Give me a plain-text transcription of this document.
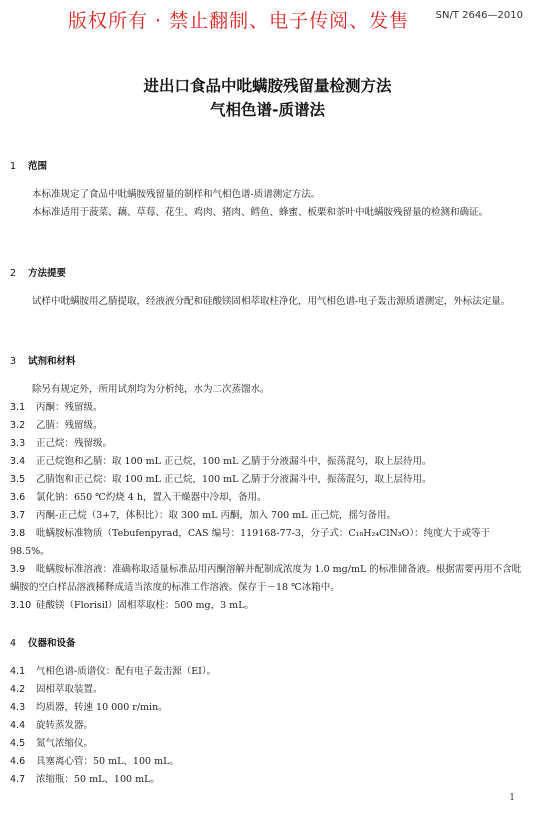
版权所有 · 禁止翻制、电子传阅、发售	SN/T 2646—2010
进出口食品中吡螨胺残留量检测方法
气相色谱-质谱法
1 范围
本标准规定了食品中吡螨胺残留量的制样和气相色谱-质谱测定方法。
本标准适用于菠菜、藕、草莓、花生、鸡肉、猪肉、鳕鱼、蜂蜜、板栗和茶叶中吡螨胺残留量的检测和确证。
2 方法提要
试样中吡螨胺用乙腈提取，经液液分配和硅酸镁固相萃取柱净化，用气相色谱-电子轰击源质谱测定，外标法定量。
3 试剂和材料
除另有规定外，所用试剂均为分析纯，水为二次蒸馏水。
3.1 丙酮：残留级。
3.2 乙腈：残留级。
3.3 正己烷：残留级。
3.4 正己烷饱和乙腈：取 100 mL 正己烷，100 mL 乙腈于分液漏斗中，振荡混匀，取上层待用。
3.5 乙腈饱和正己烷：取 100 mL 正己烷，100 mL 乙腈于分液漏斗中，振荡混匀，取上层待用。
3.6 氯化钠：650 ℃灼烧 4 h，置入干燥器中冷却，备用。
3.7 丙酮-正己烷（3+7，体积比）：取 300 mL 丙酮，加入 700 mL 正己烷，摇匀备用。
3.8 吡螨胺标准物质（Tebufenpyrad，CAS 编号：119168-77-3，分子式：C₁₈H₂₄ClN₃O）：纯度大于或等于 98.5%。
3.9 吡螨胺标准溶液：准确称取适量标准品用丙酮溶解并配制成浓度为 1.0 mg/mL 的标准储备液。根据需要再用不含吡螨胺的空白样品溶液稀释成适当浓度的标准工作溶液。保存于－18 ℃冰箱中。
3.10 硅酸镁（Florisil）固相萃取柱：500 mg，3 mL。
4 仪器和设备
4.1 气相色谱-质谱仪：配有电子轰击源（EI）。
4.2 固相萃取装置。
4.3 均质器，转速 10 000 r/min。
4.4 旋转蒸发器。
4.5 氮气浓缩仪。
4.6 具塞离心管：50 mL、100 mL。
4.7 浓缩瓶：50 mL、100 mL。
1
